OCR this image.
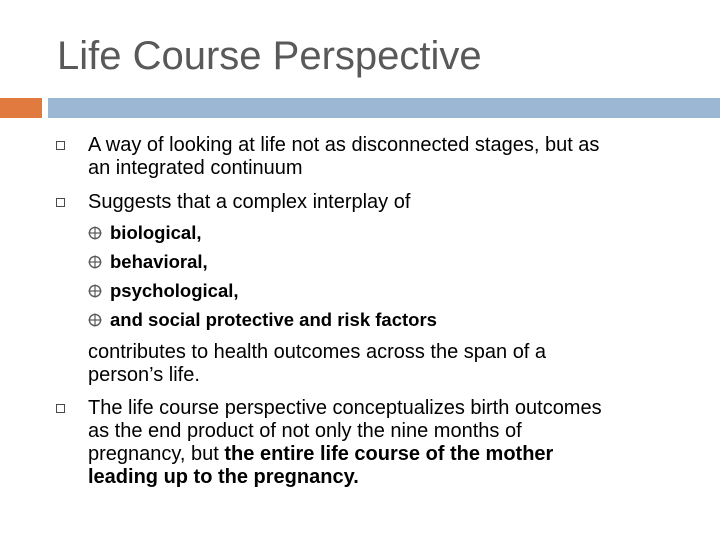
Life Course Perspective
A way of looking at life not as disconnected stages, but as
an integrated continuum
Suggests that a complex interplay of
biological,
behavioral,
psychological,
and social protective and risk factors
contributes to health outcomes across the span of a
person’s life.
The life course perspective conceptualizes birth outcomes
as the end product of not only the nine months of
pregnancy, but the entire life course of the mother
leading up to the pregnancy.
